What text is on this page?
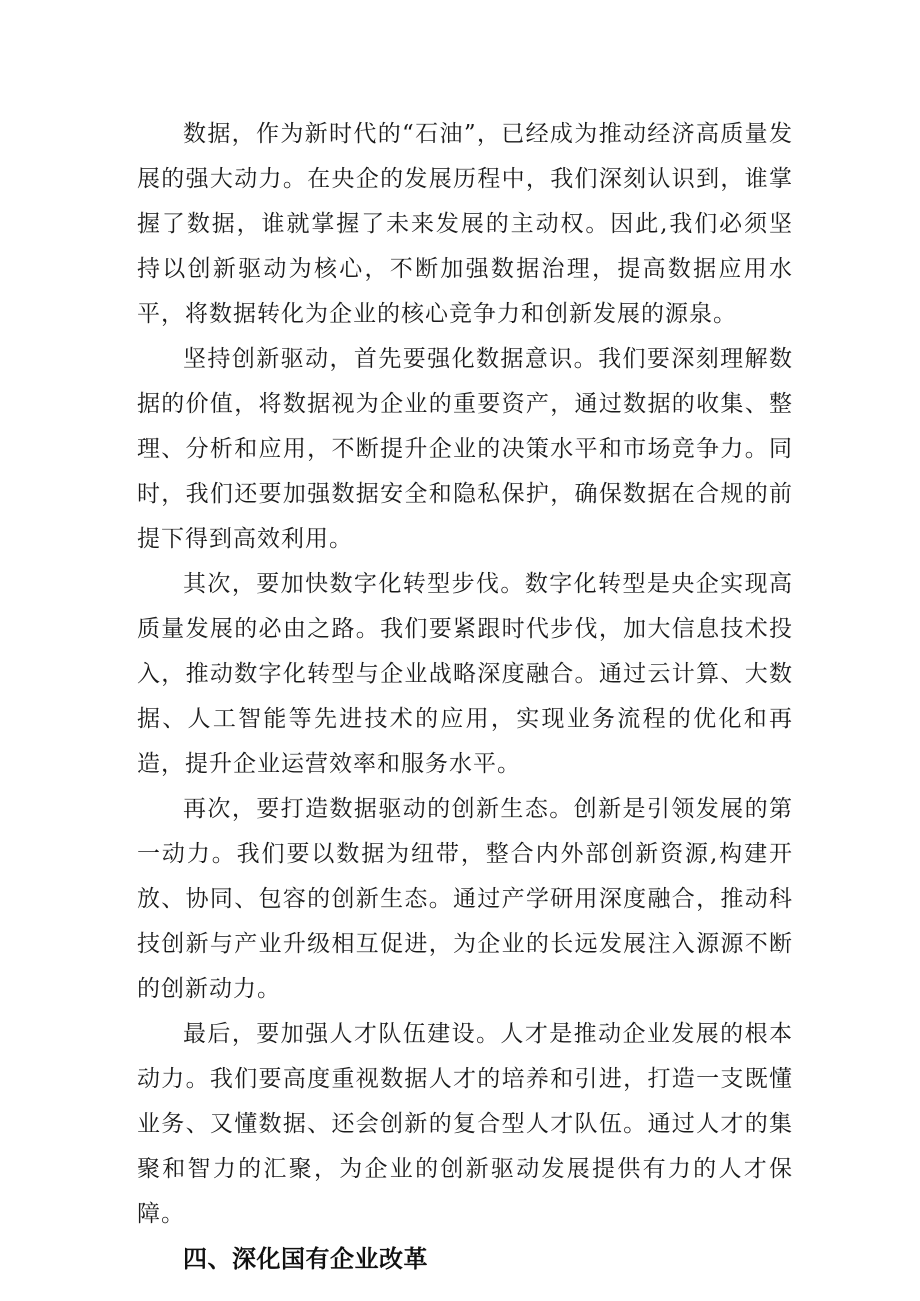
数据，作为新时代的“石油”，已经成为推动经济高质量发展的强大动力。在央企的发展历程中，我们深刻认识到，谁掌握了数据，谁就掌握了未来发展的主动权。因此,我们必须坚持以创新驱动为核心，不断加强数据治理，提高数据应用水平，将数据转化为企业的核心竞争力和创新发展的源泉。

坚持创新驱动，首先要强化数据意识。我们要深刻理解数据的价值，将数据视为企业的重要资产，通过数据的收集、整理、分析和应用，不断提升企业的决策水平和市场竞争力。同时，我们还要加强数据安全和隐私保护，确保数据在合规的前提下得到高效利用。

其次，要加快数字化转型步伐。数字化转型是央企实现高质量发展的必由之路。我们要紧跟时代步伐，加大信息技术投入，推动数字化转型与企业战略深度融合。通过云计算、大数据、人工智能等先进技术的应用，实现业务流程的优化和再造，提升企业运营效率和服务水平。

再次，要打造数据驱动的创新生态。创新是引领发展的第一动力。我们要以数据为纽带，整合内外部创新资源,构建开放、协同、包容的创新生态。通过产学研用深度融合，推动科技创新与产业升级相互促进，为企业的长远发展注入源源不断的创新动力。

最后，要加强人才队伍建设。人才是推动企业发展的根本动力。我们要高度重视数据人才的培养和引进，打造一支既懂业务、又懂数据、还会创新的复合型人才队伍。通过人才的集聚和智力的汇聚，为企业的创新驱动发展提供有力的人才保障。

四、深化国有企业改革
